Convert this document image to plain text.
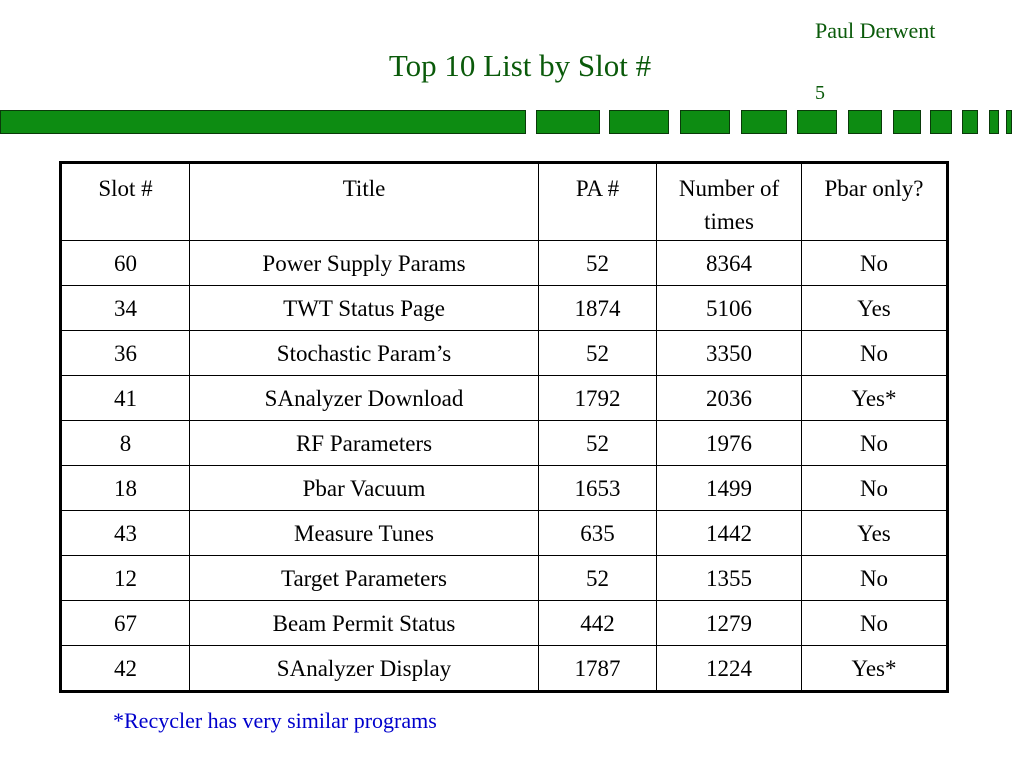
Paul Derwent
5
Top 10 List by Slot #
Slot #	Title	PA #	Number of times	Pbar only?
60	Power Supply Params	52	8364	No
34	TWT Status Page	1874	5106	Yes
36	Stochastic Param’s	52	3350	No
41	SAnalyzer Download	1792	2036	Yes*
8	RF Parameters	52	1976	No
18	Pbar Vacuum	1653	1499	No
43	Measure Tunes	635	1442	Yes
12	Target Parameters	52	1355	No
67	Beam Permit Status	442	1279	No
42	SAnalyzer Display	1787	1224	Yes*
*Recycler has very similar programs
